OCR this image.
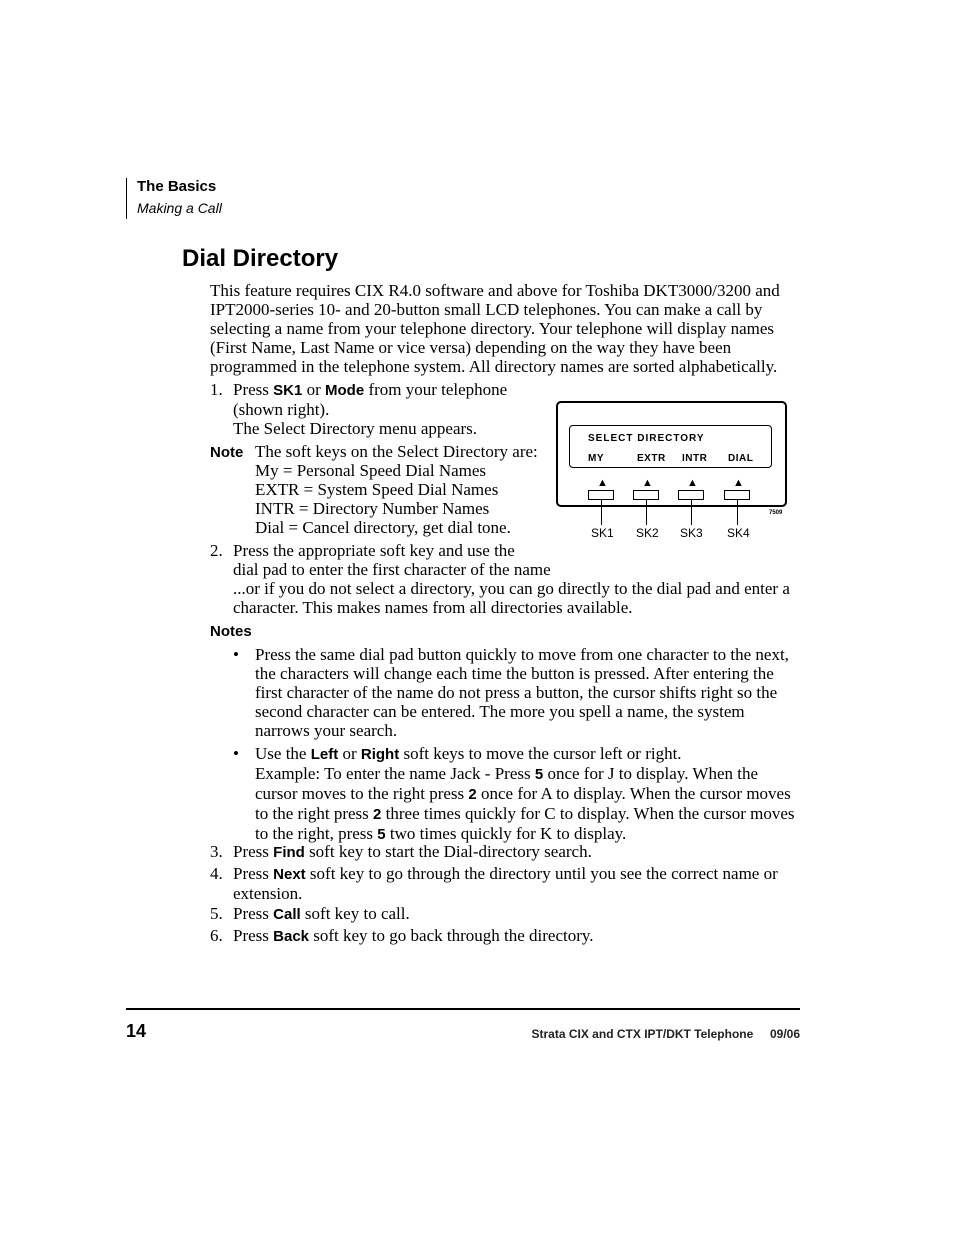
The Basics
Making a Call
Dial Directory
This feature requires CIX R4.0 software and above for Toshiba DKT3000/3200 and
IPT2000-series 10- and 20-button small LCD telephones. You can make a call by
selecting a name from your telephone directory. Your telephone will display names
(First Name, Last Name or vice versa) depending on the way they have been
programmed in the telephone system. All directory names are sorted alphabetically.
1. Press SK1 or Mode from your telephone
(shown right).
The Select Directory menu appears.
Note The soft keys on the Select Directory are:
My = Personal Speed Dial Names
EXTR = System Speed Dial Names
INTR = Directory Number Names
Dial = Cancel directory, get dial tone.
2. Press the appropriate soft key and use the
dial pad to enter the first character of the name
...or if you do not select a directory, you can go directly to the dial pad and enter a
character. This makes names from all directories available.
Notes
• Press the same dial pad button quickly to move from one character to the next,
the characters will change each time the button is pressed. After entering the
first character of the name do not press a button, the cursor shifts right so the
second character can be entered. The more you spell a name, the system
narrows your search.
• Use the Left or Right soft keys to move the cursor left or right.
Example: To enter the name Jack - Press 5 once for J to display. When the
cursor moves to the right press 2 once for A to display. When the cursor moves
to the right press 2 three times quickly for C to display. When the cursor moves
to the right, press 5 two times quickly for K to display.
3. Press Find soft key to start the Dial-directory search.
4. Press Next soft key to go through the directory until you see the correct name or
extension.
5. Press Call soft key to call.
6. Press Back soft key to go back through the directory.
SELECT DIRECTORY
MY	EXTR INTR DIAL
▲
SK1
▲
SK2
▲
SK3
▲
SK4
7509
14	Strata CIX and CTX IPT/DKT Telephone     09/06
